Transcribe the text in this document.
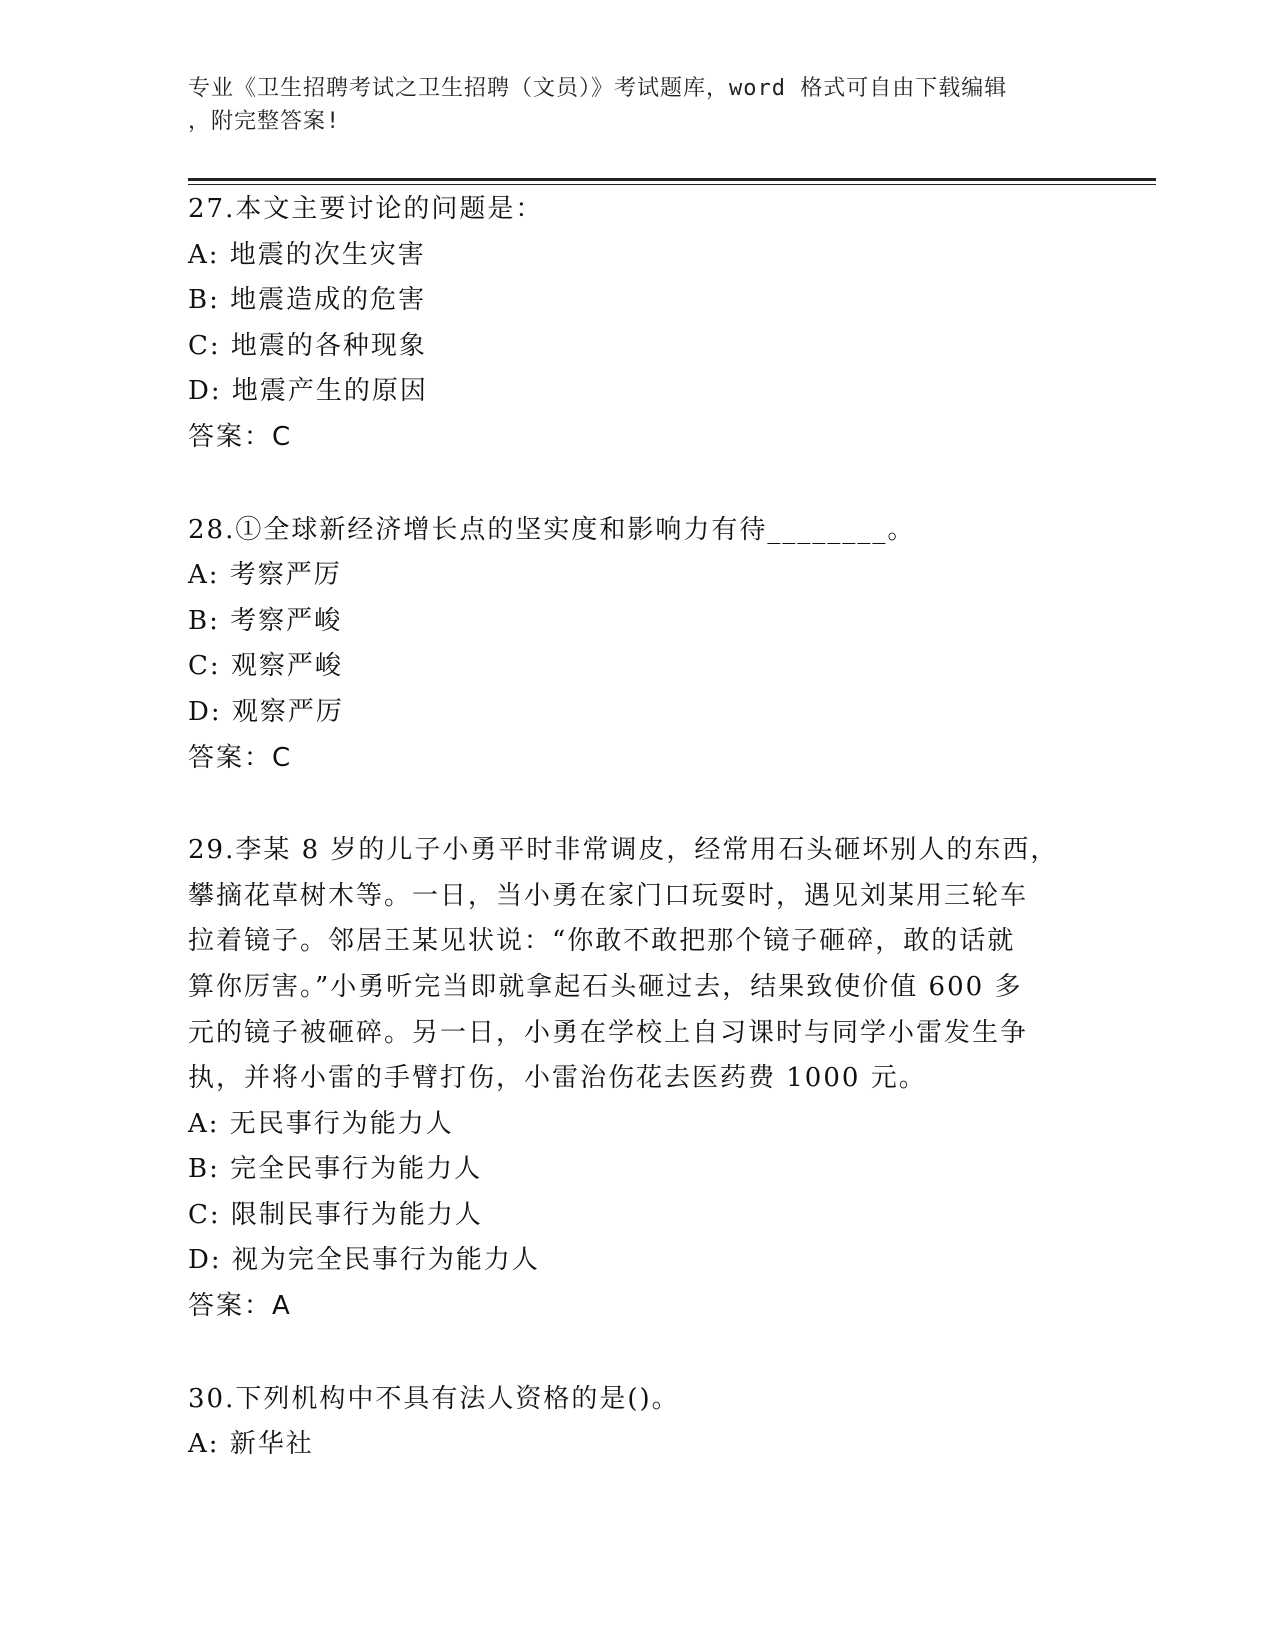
专业《卫生招聘考试之卫生招聘（文员）》考试题库，word 格式可自由下载编辑
，附完整答案!
27.本文主要讨论的问题是：
A: 地震的次生灾害
B: 地震造成的危害
C: 地震的各种现象
D: 地震产生的原因
答案：C
28.①全球新经济增长点的坚实度和影响力有待________。
A: 考察严厉
B: 考察严峻
C: 观察严峻
D: 观察严厉
答案：C
29.李某 8 岁的儿子小勇平时非常调皮，经常用石头砸坏别人的东西，
攀摘花草树木等。一日，当小勇在家门口玩耍时，遇见刘某用三轮车
拉着镜子。邻居王某见状说：“你敢不敢把那个镜子砸碎，敢的话就
算你厉害。”小勇听完当即就拿起石头砸过去，结果致使价值 600 多
元的镜子被砸碎。另一日，小勇在学校上自习课时与同学小雷发生争
执，并将小雷的手臂打伤，小雷治伤花去医药费 1000 元。
A: 无民事行为能力人
B: 完全民事行为能力人
C: 限制民事行为能力人
D: 视为完全民事行为能力人
答案：A
30.下列机构中不具有法人资格的是()。
A: 新华社
